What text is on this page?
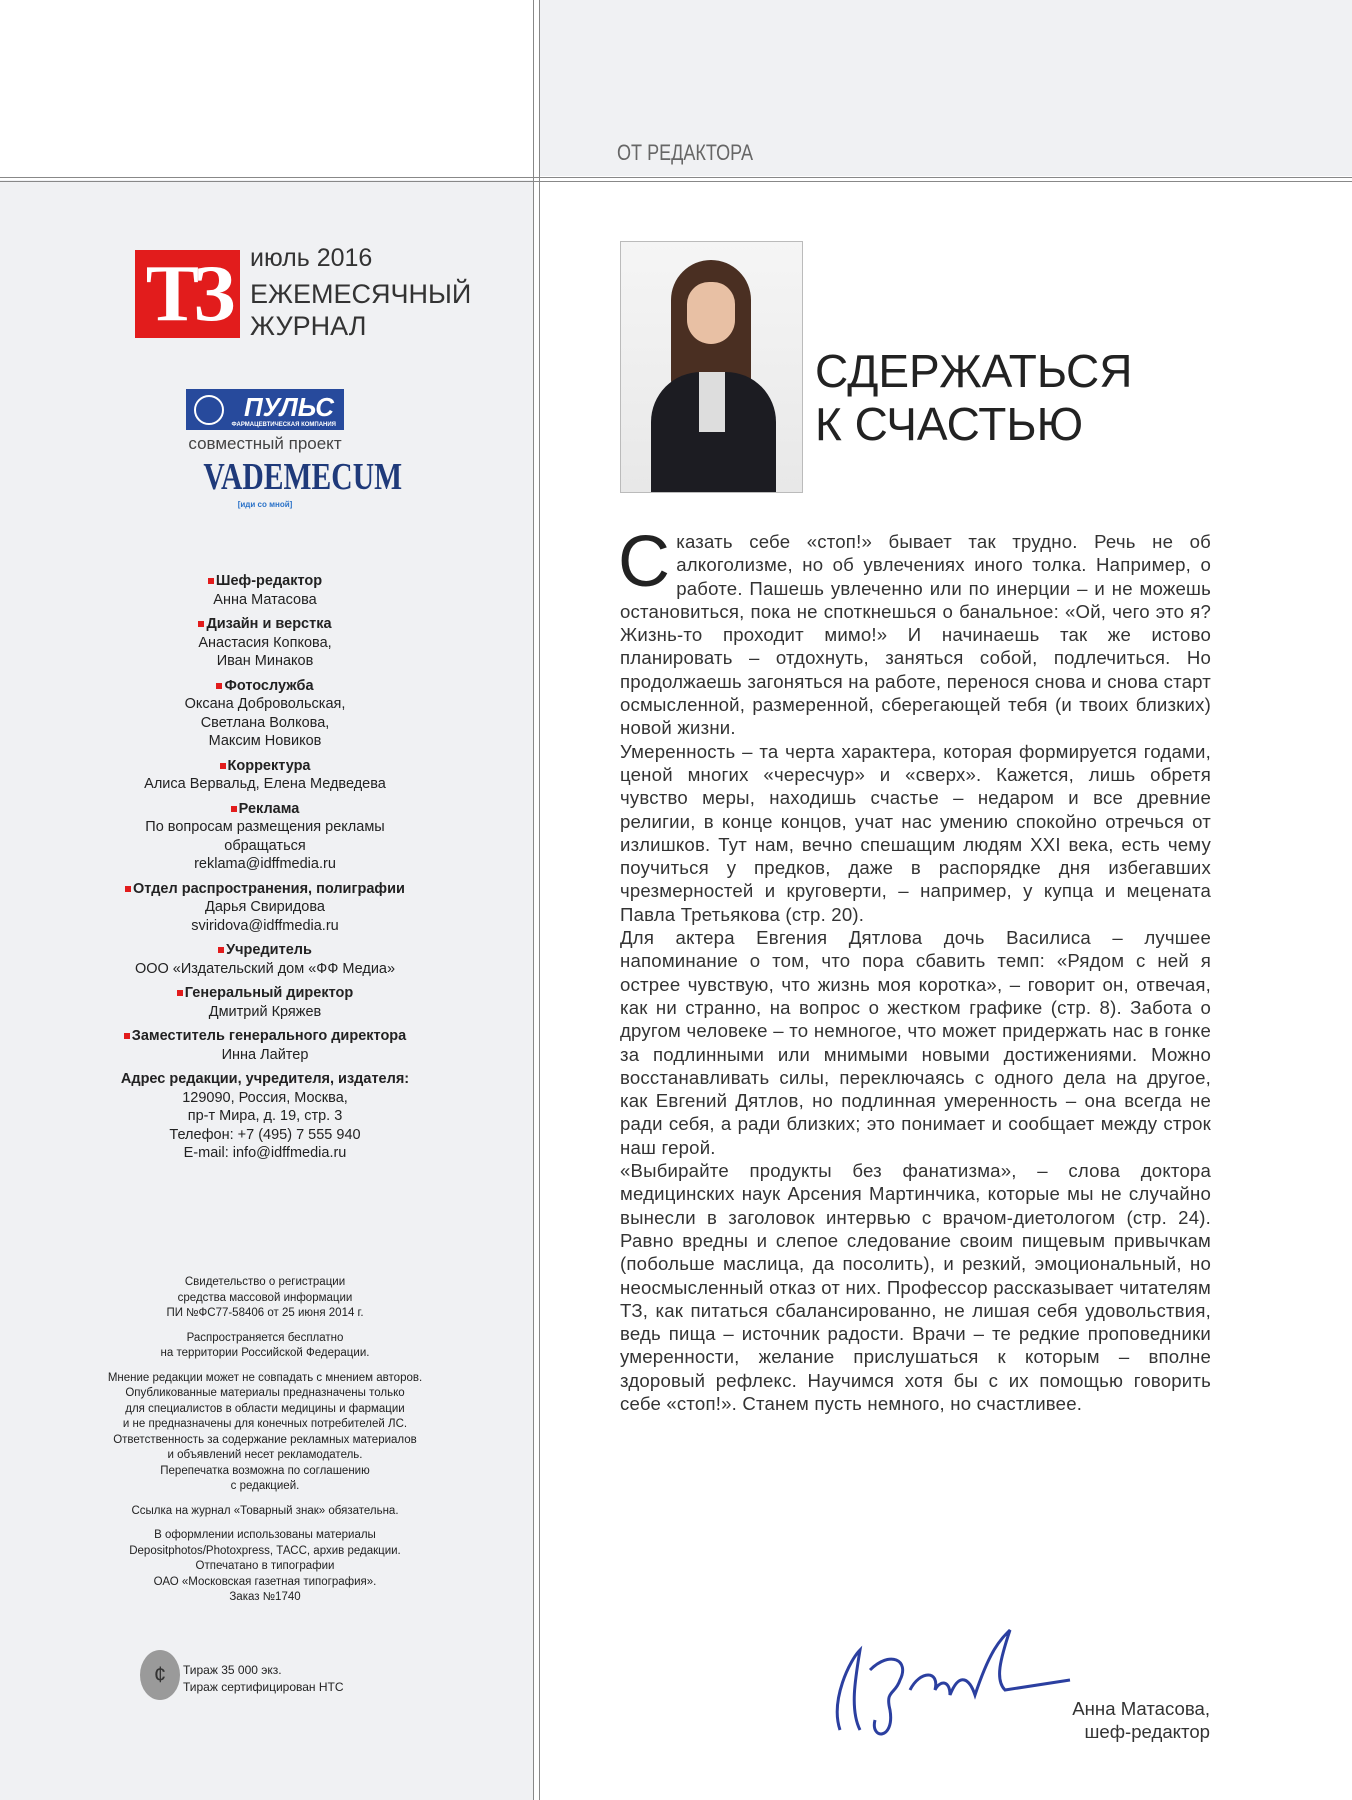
ОТ РЕДАКТОРА
ТЗ июль 2016
ЕЖЕМЕСЯЧНЫЙ
ЖУРНАЛ
ПУЛЬС
ФАРМАЦЕВТИЧЕСКАЯ КОМПАНИЯ
совместный проект
VADEMECUM
[иди со мной]
Шеф-редактор
Анна Матасова
Дизайн и верстка
Анастасия Копкова,
Иван Минаков
Фотослужба
Оксана Добровольская,
Светлана Волкова,
Максим Новиков
Корректура
Алиса Вервальд, Елена Медведева
Реклама
По вопросам размещения рекламы
обращаться
reklama@idffmedia.ru
Отдел распространения, полиграфии
Дарья Свиридова
sviridova@idffmedia.ru
Учредитель
ООО «Издательский дом «ФФ Медиа»
Генеральный директор
Дмитрий Кряжев
Заместитель генерального директора
Инна Лайтер
Адрес редакции, учредителя, издателя:
129090, Россия, Москва,
пр-т Мира, д. 19, стр. 3
Телефон: +7 (495) 7 555 940
E-mail: info@idffmedia.ru

Свидетельство о регистрации
средства массовой информации
ПИ №ФС77-58406 от 25 июня 2014 г.

Распространяется бесплатно
на территории Российской Федерации.

Мнение редакции может не совпадать с мнением авторов.
Опубликованные материалы предназначены только
для специалистов в области медицины и фармации
и не предназначены для конечных потребителей ЛС.
Ответственность за содержание рекламных материалов
и объявлений несет рекламодатель.
Перепечатка возможна по соглашению
с редакцией.

Ссылка на журнал «Товарный знак» обязательна.

В оформлении использованы материалы
Depositphotos/Photoxpress, ТАСС, архив редакции.
Отпечатано в типографии
ОАО «Московская газетная типография».
Заказ №1740

¢	Тираж 35 000 экз.
Тираж сертифицирован НТС
СДЕРЖАТЬСЯ
К СЧАСТЬЮ

Сказать себе «стоп!» бывает так трудно. Речь не об алкоголизме, но об увлечениях иного толка. Например, о работе. Пашешь увлеченно или по инерции – и не можешь остановиться, пока не споткнешься о банальное: «Ой, чего это я? Жизнь-то проходит мимо!» И начинаешь так же истово планировать – отдохнуть, заняться собой, подлечиться. Но продолжаешь загоняться на работе, перенося снова и снова старт осмысленной, размеренной, сберегающей тебя (и твоих близких) новой жизни.

Умеренность – та черта характера, которая формируется годами, ценой многих «чересчур» и «сверх». Кажется, лишь обретя чувство меры, находишь счастье – недаром и все древние религии, в конце концов, учат нас умению спокойно отречься от излишков. Тут нам, вечно спешащим людям XXI века, есть чему поучиться у предков, даже в распорядке дня избегавших чрезмерностей и круговерти, – например, у купца и мецената Павла Третьякова (стр. 20).

Для актера Евгения Дятлова дочь Василиса – лучшее напоминание о том, что пора сбавить темп: «Рядом с ней я острее чувствую, что жизнь моя коротка», – говорит он, отвечая, как ни странно, на вопрос о жестком графике (стр. 8). Забота о другом человеке – то немногое, что может придержать нас в гонке за подлинными или мнимыми новыми достижениями. Можно восстанавливать силы, переключаясь с одного дела на другое, как Евгений Дятлов, но подлинная умеренность – она всегда не ради себя, а ради близких; это понимает и сообщает между строк наш герой.

«Выбирайте продукты без фанатизма», – слова доктора медицинских наук Арсения Мартинчика, которые мы не случайно вынесли в заголовок интервью с врачом-диетологом (стр. 24). Равно вредны и слепое следование своим пищевым привычкам (побольше маслица, да посолить), и резкий, эмоциональный, но неосмысленный отказ от них. Профессор рассказывает читателям ТЗ, как питаться сбалансированно, не лишая себя удовольствия, ведь пища – источник радости. Врачи – те редкие проповедники умеренности, желание прислушаться к которым – вполне здоровый рефлекс. Научимся хотя бы с их помощью говорить себе «стоп!». Станем пусть немного, но счастливее.

Анна Матасова,
шеф-редактор
